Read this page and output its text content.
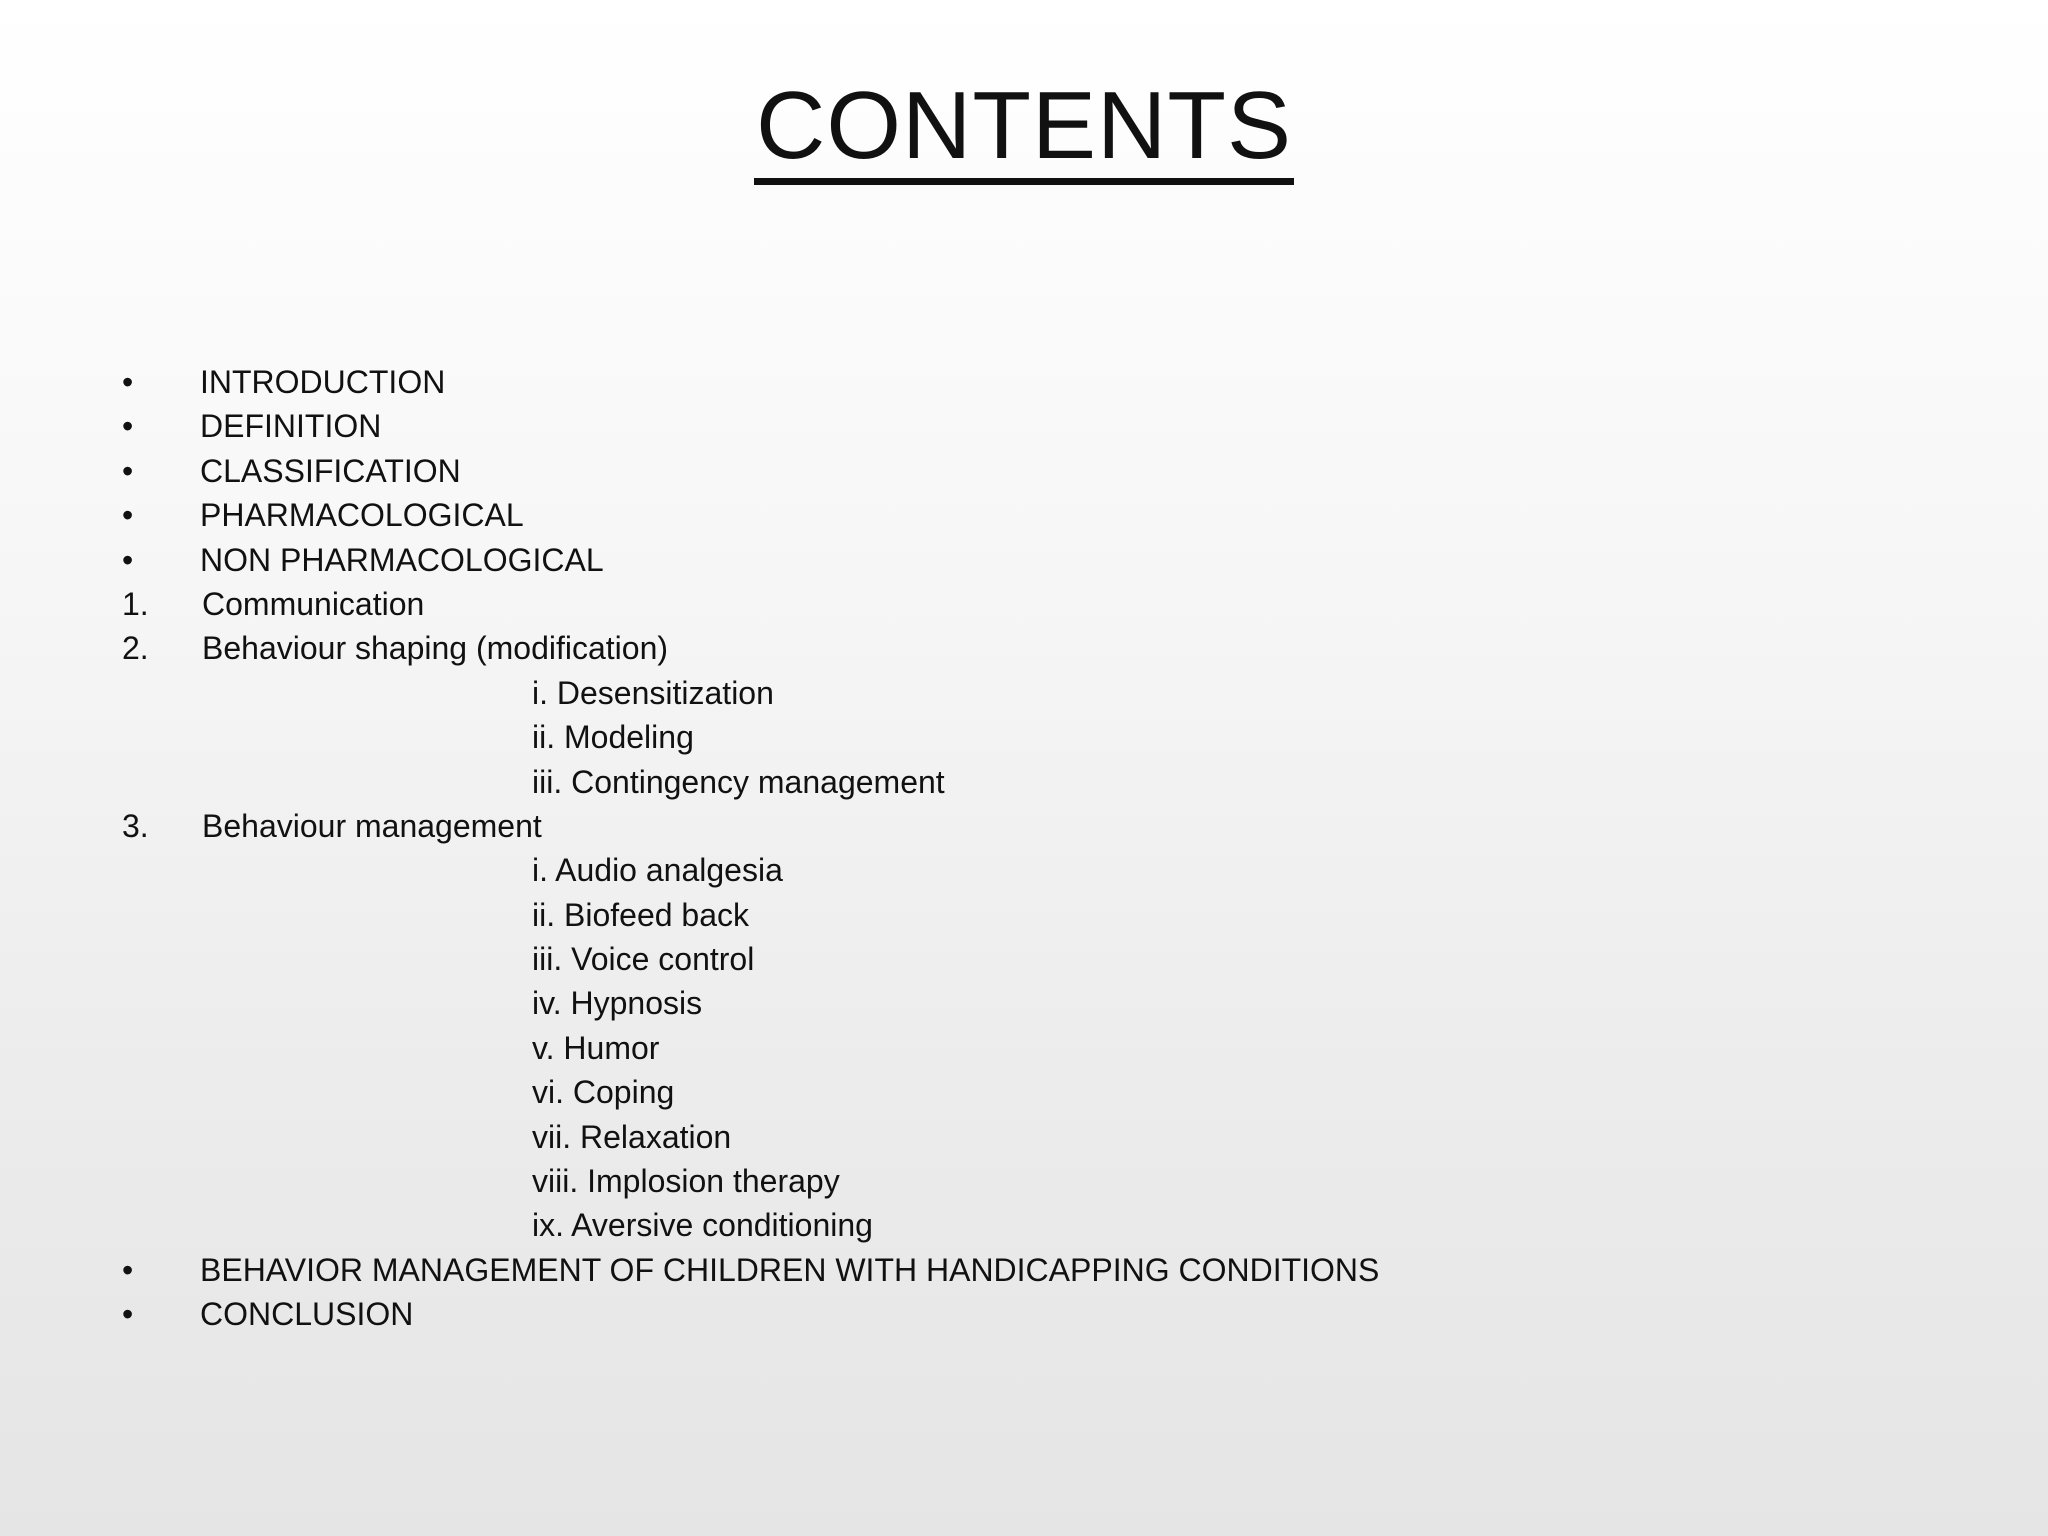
CONTENTS
• INTRODUCTION
• DEFINITION
• CLASSIFICATION
• PHARMACOLOGICAL
• NON PHARMACOLOGICAL
1. Communication
2. Behaviour shaping (modification)
i. Desensitization
ii. Modeling
iii. Contingency management
3. Behaviour management
i. Audio analgesia
ii. Biofeed back
iii. Voice control
iv. Hypnosis
v. Humor
vi. Coping
vii. Relaxation
viii. Implosion therapy
ix. Aversive conditioning
• BEHAVIOR MANAGEMENT OF CHILDREN WITH HANDICAPPING CONDITIONS
• CONCLUSION
